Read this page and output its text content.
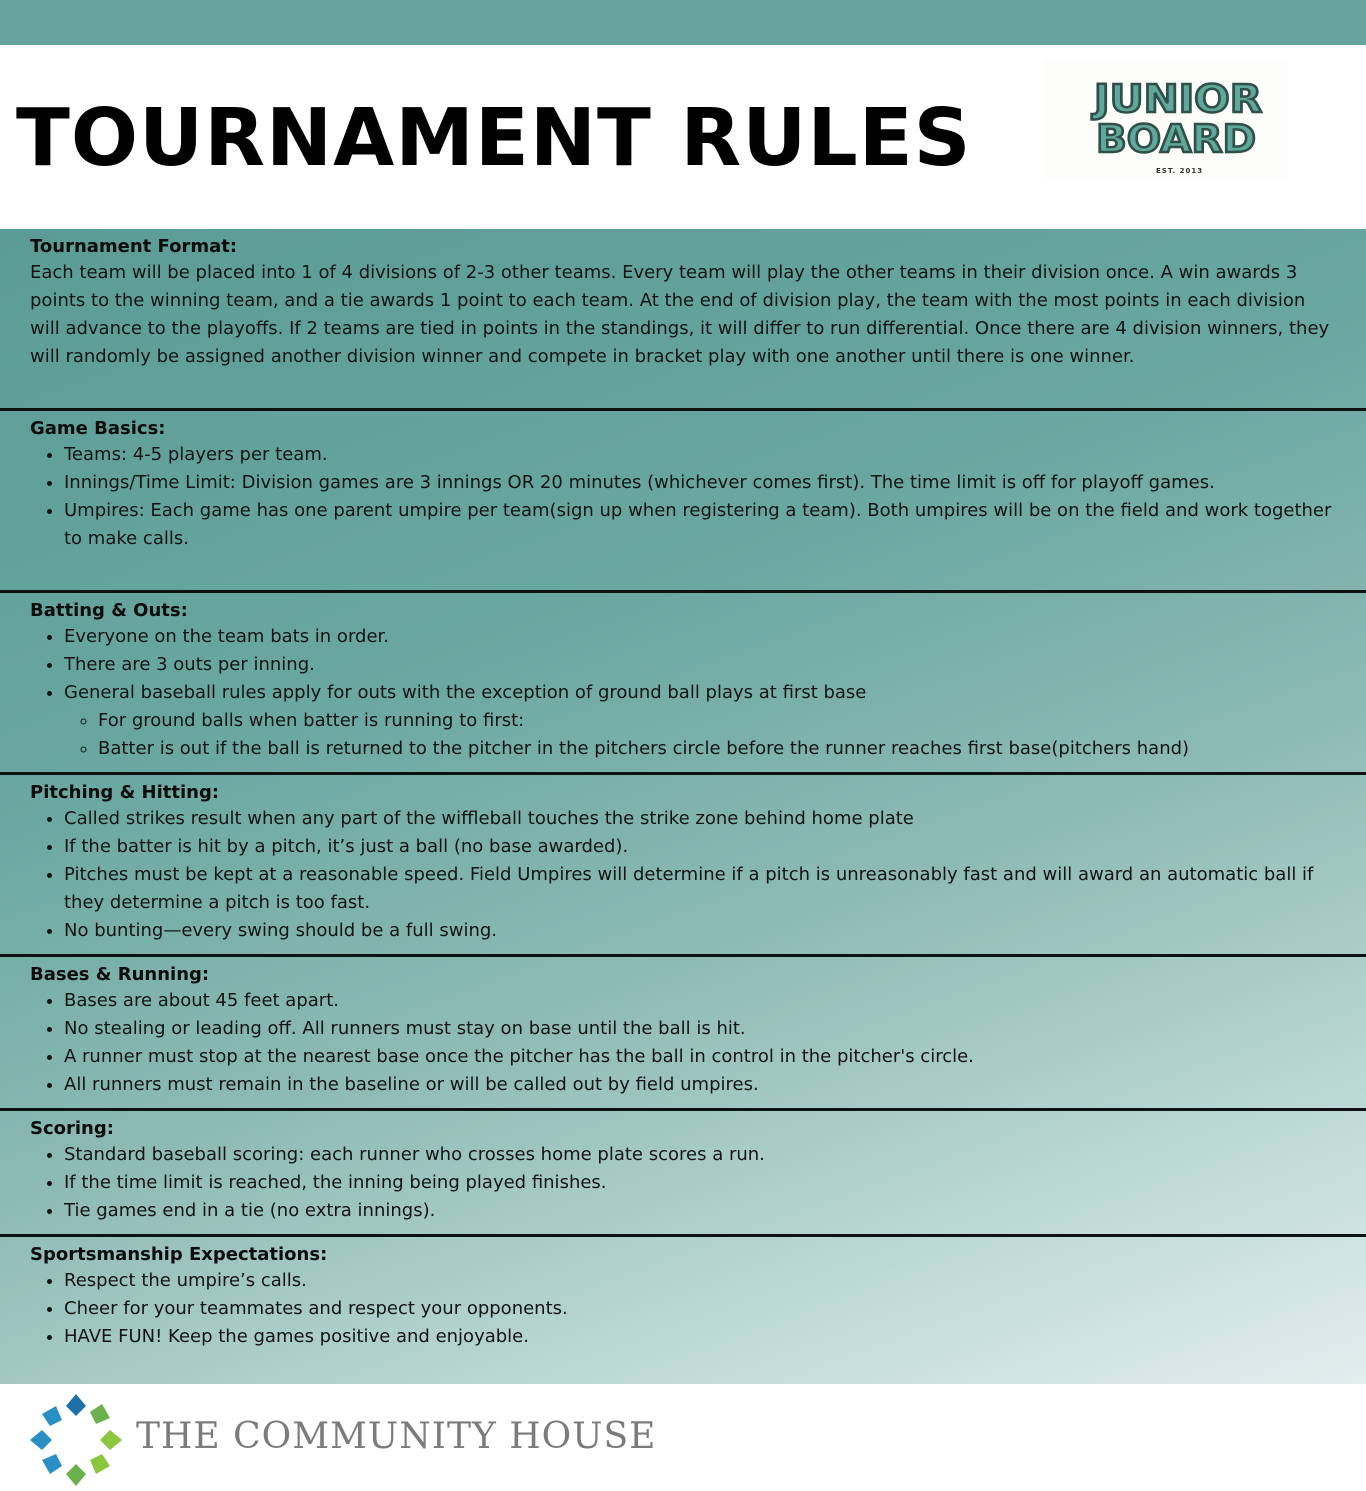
TOURNAMENT RULES	JUNIOR
BOARD
EST. 2013
Tournament Format:

Each team will be placed into 1 of 4 divisions of 2-3 other teams. Every team will play the other teams in their division once. A win awards 3 points to the winning team, and a tie awards 1 point to each team. At the end of division play, the team with the most points in each division will advance to the playoffs. If 2 teams are tied in points in the standings, it will differ to run differential. Once there are 4 division winners, they will randomly be assigned another division winner and compete in bracket play with one another until there is one winner.

Game Basics:
• Teams: 4-5 players per team.
• Innings/Time Limit: Division games are 3 innings OR 20 minutes (whichever comes first). The time limit is off for playoff games.
• Umpires: Each game has one parent umpire per team(sign up when registering a team). Both umpires will be on the field and work together to make calls.
Batting & Outs:
• Everyone on the team bats in order.
• There are 3 outs per inning.
• General baseball rules apply for outs with the exception of ground ball plays at first base
◦ For ground balls when batter is running to first:
◦ Batter is out if the ball is returned to the pitcher in the pitchers circle before the runner reaches first base(pitchers hand)
Pitching & Hitting:
• Called strikes result when any part of the wiffleball touches the strike zone behind home plate
• If the batter is hit by a pitch, it’s just a ball (no base awarded).
• Pitches must be kept at a reasonable speed. Field Umpires will determine if a pitch is unreasonably fast and will award an automatic ball if they determine a pitch is too fast.
• No bunting—every swing should be a full swing.
Bases & Running:
• Bases are about 45 feet apart.
• No stealing or leading off. All runners must stay on base until the ball is hit.
• A runner must stop at the nearest base once the pitcher has the ball in control in the pitcher's circle.
• All runners must remain in the baseline or will be called out by field umpires.
Scoring:
• Standard baseball scoring: each runner who crosses home plate scores a run.
• If the time limit is reached, the inning being played finishes.
• Tie games end in a tie (no extra innings).
Sportsmanship Expectations:
• Respect the umpire’s calls.
• Cheer for your teammates and respect your opponents.
• HAVE FUN! Keep the games positive and enjoyable.
THE COMMUNITY HOUSE
